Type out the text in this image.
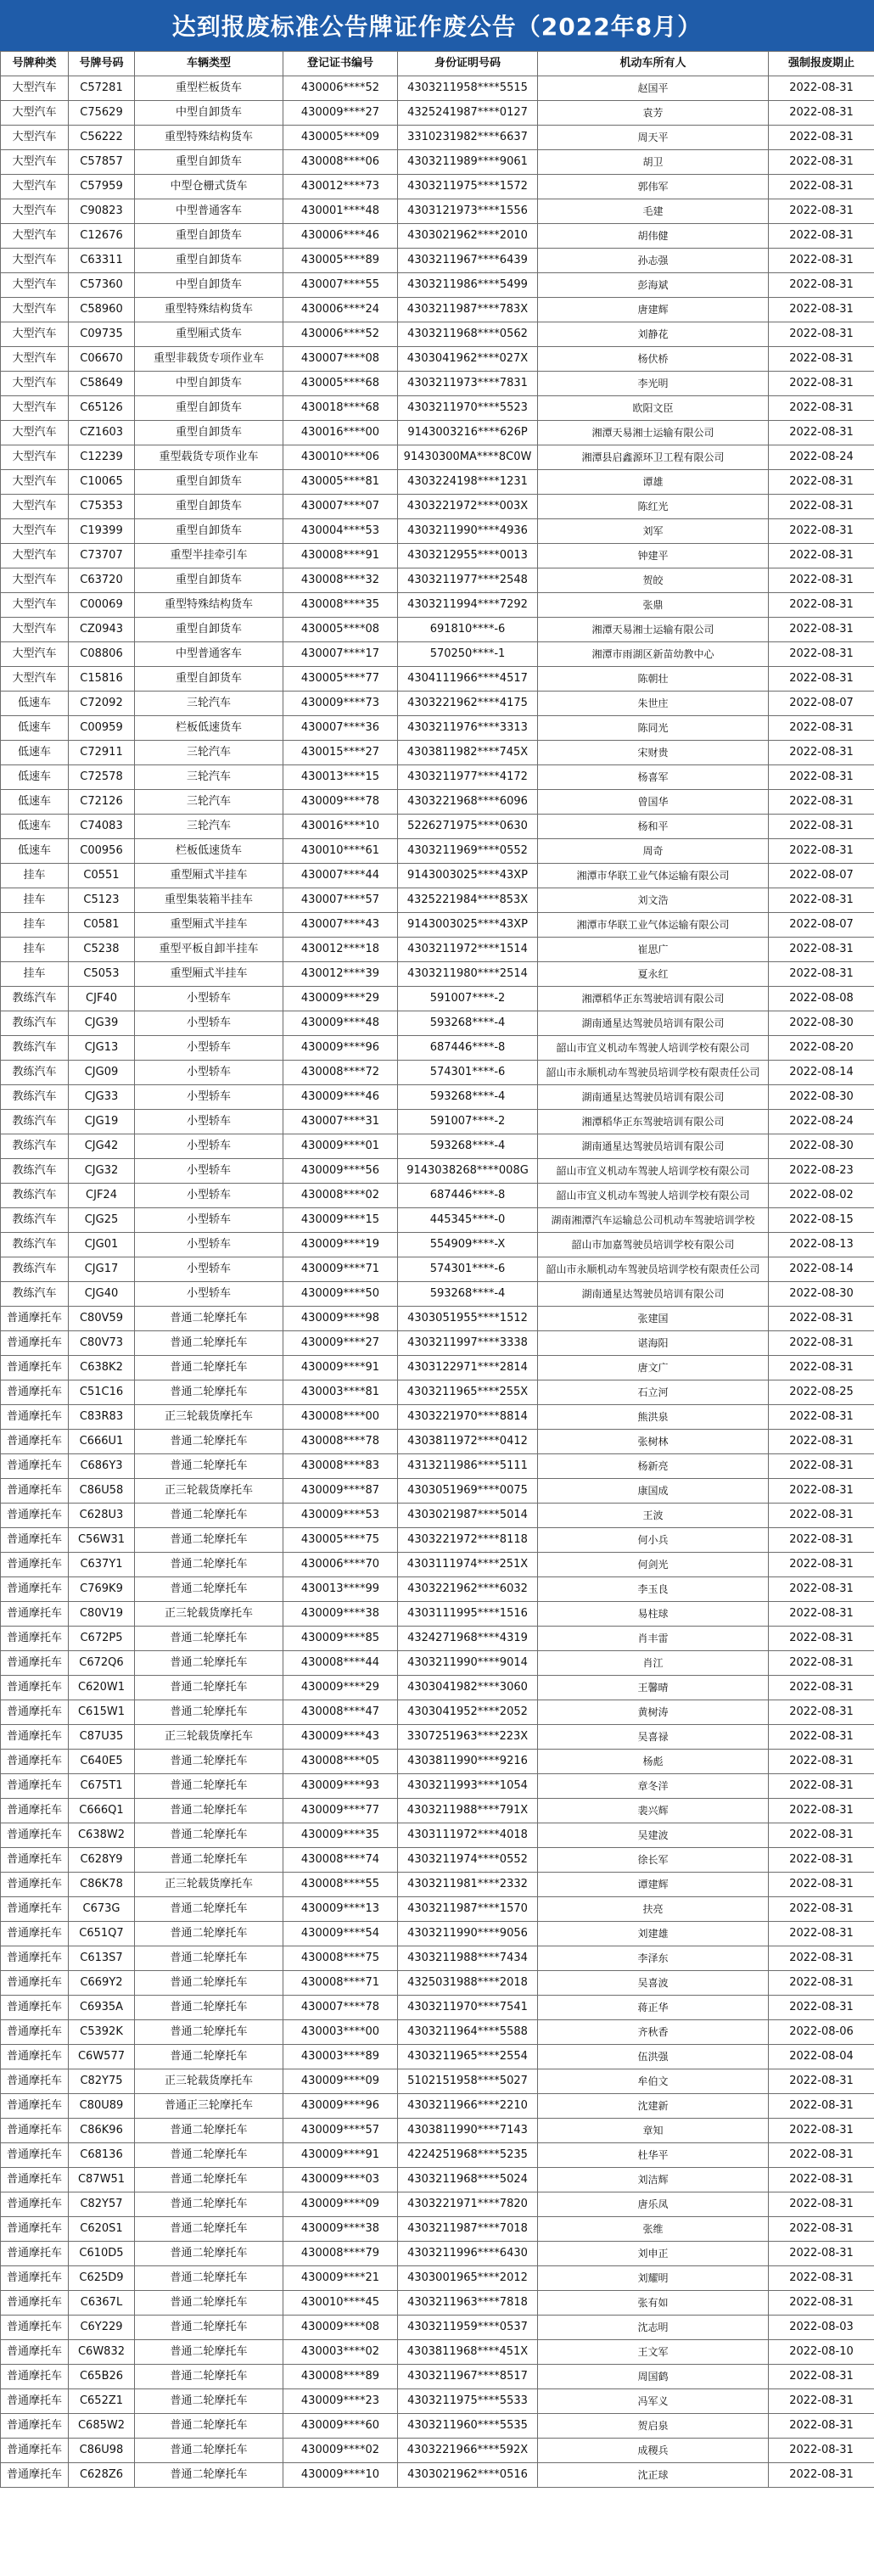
达到报废标准公告牌证作废公告（2022年8月）
号牌种类	号牌号码	车辆类型	登记证书编号	身份证明号码	机动车所有人	强制报废期止
大型汽车	C57281	重型栏板货车	430006****52	4303211958****5515	赵国平	2022-08-31
大型汽车	C75629	中型自卸货车	430009****27	4325241987****0127	袁芳	2022-08-31
大型汽车	C56222	重型特殊结构货车	430005****09	3310231982****6637	周天平	2022-08-31
大型汽车	C57857	重型自卸货车	430008****06	4303211989****9061	胡卫	2022-08-31
大型汽车	C57959	中型仓栅式货车	430012****73	4303211975****1572	郭伟军	2022-08-31
大型汽车	C90823	中型普通客车	430001****48	4303121973****1556	毛建	2022-08-31
大型汽车	C12676	重型自卸货车	430006****46	4303021962****2010	胡伟健	2022-08-31
大型汽车	C63311	重型自卸货车	430005****89	4303211967****6439	孙志强	2022-08-31
大型汽车	C57360	中型自卸货车	430007****55	4303211986****5499	彭海斌	2022-08-31
大型汽车	C58960	重型特殊结构货车	430006****24	4303211987****783X	唐建辉	2022-08-31
大型汽车	C09735	重型厢式货车	430006****52	4303211968****0562	刘静花	2022-08-31
大型汽车	C06670	重型非载货专项作业车	430007****08	4303041962****027X	杨伏桥	2022-08-31
大型汽车	C58649	中型自卸货车	430005****68	4303211973****7831	李光明	2022-08-31
大型汽车	C65126	重型自卸货车	430018****68	4303211970****5523	欧阳文臣	2022-08-31
大型汽车	CZ1603	重型自卸货车	430016****00	9143003216****626P	湘潭天易湘士运输有限公司	2022-08-31
大型汽车	C12239	重型载货专项作业车	430010****06	91430300MA****8C0W	湘潭县启鑫源环卫工程有限公司	2022-08-24
大型汽车	C10065	重型自卸货车	430005****81	4303224198****1231	谭雄	2022-08-31
大型汽车	C75353	重型自卸货车	430007****07	4303221972****003X	陈红光	2022-08-31
大型汽车	C19399	重型自卸货车	430004****53	4303211990****4936	刘军	2022-08-31
大型汽车	C73707	重型半挂牵引车	430008****91	4303212955****0013	钟建平	2022-08-31
大型汽车	C63720	重型自卸货车	430008****32	4303211977****2548	贺皎	2022-08-31
大型汽车	C00069	重型特殊结构货车	430008****35	4303211994****7292	张鼎	2022-08-31
大型汽车	CZ0943	重型自卸货车	430005****08	691810****-6	湘潭天易湘士运输有限公司	2022-08-31
大型汽车	C08806	中型普通客车	430007****17	570250****-1	湘潭市雨湖区新苗幼教中心	2022-08-31
大型汽车	C15816	重型自卸货车	430005****77	4304111966****4517	陈朝壮	2022-08-31
低速车	C72092	三轮汽车	430009****73	4303221962****4175	朱世庄	2022-08-07
低速车	C00959	栏板低速货车	430007****36	4303211976****3313	陈同光	2022-08-31
低速车	C72911	三轮汽车	430015****27	4303811982****745X	宋财贵	2022-08-31
低速车	C72578	三轮汽车	430013****15	4303211977****4172	杨喜军	2022-08-31
低速车	C72126	三轮汽车	430009****78	4303221968****6096	曾国华	2022-08-31
低速车	C74083	三轮汽车	430016****10	5226271975****0630	杨和平	2022-08-31
低速车	C00956	栏板低速货车	430010****61	4303211969****0552	周奇	2022-08-31
挂车	C0551	重型厢式半挂车	430007****44	9143003025****43XP	湘潭市华联工业气体运输有限公司	2022-08-07
挂车	C5123	重型集装箱半挂车	430007****57	4325221984****853X	刘文浩	2022-08-31
挂车	C0581	重型厢式半挂车	430007****43	9143003025****43XP	湘潭市华联工业气体运输有限公司	2022-08-07
挂车	C5238	重型平板自卸半挂车	430012****18	4303211972****1514	崔思广	2022-08-31
挂车	C5053	重型厢式半挂车	430012****39	4303211980****2514	夏永红	2022-08-31
教练汽车	CJF40	小型轿车	430009****29	591007****-2	湘潭稻华正东驾驶培训有限公司	2022-08-08
教练汽车	CJG39	小型轿车	430009****48	593268****-4	湖南通星达驾驶员培训有限公司	2022-08-30
教练汽车	CJG13	小型轿车	430009****96	687446****-8	韶山市宜义机动车驾驶人培训学校有限公司	2022-08-20
教练汽车	CJG09	小型轿车	430008****72	574301****-6	韶山市永顺机动车驾驶员培训学校有限责任公司	2022-08-14
教练汽车	CJG33	小型轿车	430009****46	593268****-4	湖南通星达驾驶员培训有限公司	2022-08-30
教练汽车	CJG19	小型轿车	430007****31	591007****-2	湘潭稻华正东驾驶培训有限公司	2022-08-24
教练汽车	CJG42	小型轿车	430009****01	593268****-4	湖南通星达驾驶员培训有限公司	2022-08-30
教练汽车	CJG32	小型轿车	430009****56	9143038268****008G	韶山市宜义机动车驾驶人培训学校有限公司	2022-08-23
教练汽车	CJF24	小型轿车	430008****02	687446****-8	韶山市宜义机动车驾驶人培训学校有限公司	2022-08-02
教练汽车	CJG25	小型轿车	430009****15	445345****-0	湖南湘潭汽车运输总公司机动车驾驶培训学校	2022-08-15
教练汽车	CJG01	小型轿车	430009****19	554909****-X	韶山市加嘉驾驶员培训学校有限公司	2022-08-13
教练汽车	CJG17	小型轿车	430009****71	574301****-6	韶山市永顺机动车驾驶员培训学校有限责任公司	2022-08-14
教练汽车	CJG40	小型轿车	430009****50	593268****-4	湖南通星达驾驶员培训有限公司	2022-08-30
普通摩托车	C80V59	普通二轮摩托车	430009****98	4303051955****1512	张建国	2022-08-31
普通摩托车	C80V73	普通二轮摩托车	430009****27	4303211997****3338	谌海阳	2022-08-31
普通摩托车	C638K2	普通二轮摩托车	430009****91	4303122971****2814	唐文广	2022-08-31
普通摩托车	C51C16	普通二轮摩托车	430003****81	4303211965****255X	石立河	2022-08-25
普通摩托车	C83R83	正三轮载货摩托车	430008****00	4303221970****8814	熊洪泉	2022-08-31
普通摩托车	C666U1	普通二轮摩托车	430008****78	4303811972****0412	张树林	2022-08-31
普通摩托车	C686Y3	普通二轮摩托车	430008****83	4313211986****5111	杨新亮	2022-08-31
普通摩托车	C86U58	正三轮载货摩托车	430009****87	4303051969****0075	康国成	2022-08-31
普通摩托车	C628U3	普通二轮摩托车	430009****53	4303021987****5014	王波	2022-08-31
普通摩托车	C56W31	普通二轮摩托车	430005****75	4303221972****8118	何小兵	2022-08-31
普通摩托车	C637Y1	普通二轮摩托车	430006****70	4303111974****251X	何剑光	2022-08-31
普通摩托车	C769K9	普通二轮摩托车	430013****99	4303221962****6032	李玉良	2022-08-31
普通摩托车	C80V19	正三轮载货摩托车	430009****38	4303111995****1516	易柱球	2022-08-31
普通摩托车	C672P5	普通二轮摩托车	430009****85	4324271968****4319	肖丰雷	2022-08-31
普通摩托车	C672Q6	普通二轮摩托车	430008****44	4303211990****9014	肖江	2022-08-31
普通摩托车	C620W1	普通二轮摩托车	430009****29	4303041982****3060	王馨晴	2022-08-31
普通摩托车	C615W1	普通二轮摩托车	430008****47	4303041952****2052	黄树涛	2022-08-31
普通摩托车	C87U35	正三轮载货摩托车	430009****43	3307251963****223X	吴喜禄	2022-08-31
普通摩托车	C640E5	普通二轮摩托车	430008****05	4303811990****9216	杨彪	2022-08-31
普通摩托车	C675T1	普通二轮摩托车	430009****93	4303211993****1054	章冬洋	2022-08-31
普通摩托车	C666Q1	普通二轮摩托车	430009****77	4303211988****791X	裴兴辉	2022-08-31
普通摩托车	C638W2	普通二轮摩托车	430009****35	4303111972****4018	吴建波	2022-08-31
普通摩托车	C628Y9	普通二轮摩托车	430008****74	4303211974****0552	徐长军	2022-08-31
普通摩托车	C86K78	正三轮载货摩托车	430008****55	4303211981****2332	谭建辉	2022-08-31
普通摩托车	C673G	普通二轮摩托车	430009****13	4303211987****1570	扶亮	2022-08-31
普通摩托车	C651Q7	普通二轮摩托车	430009****54	4303211990****9056	刘建雄	2022-08-31
普通摩托车	C613S7	普通二轮摩托车	430008****75	4303211988****7434	李泽东	2022-08-31
普通摩托车	C669Y2	普通二轮摩托车	430008****71	4325031988****2018	吴喜波	2022-08-31
普通摩托车	C6935A	普通二轮摩托车	430007****78	4303211970****7541	蒋正华	2022-08-31
普通摩托车	C5392K	普通二轮摩托车	430003****00	4303211964****5588	齐秋香	2022-08-06
普通摩托车	C6W577	普通二轮摩托车	430003****89	4303211965****2554	伍洪强	2022-08-04
普通摩托车	C82Y75	正三轮载货摩托车	430009****09	5102151958****5027	牟伯文	2022-08-31
普通摩托车	C80U89	普通正三轮摩托车	430009****96	4303211966****2210	沈建新	2022-08-31
普通摩托车	C86K96	普通二轮摩托车	430009****57	4303811990****7143	章知	2022-08-31
普通摩托车	C68136	普通二轮摩托车	430009****91	4224251968****5235	杜华平	2022-08-31
普通摩托车	C87W51	普通二轮摩托车	430009****03	4303211968****5024	刘洁辉	2022-08-31
普通摩托车	C82Y57	普通二轮摩托车	430009****09	4303221971****7820	唐乐凤	2022-08-31
普通摩托车	C620S1	普通二轮摩托车	430009****38	4303211987****7018	张维	2022-08-31
普通摩托车	C610D5	普通二轮摩托车	430008****79	4303211996****6430	刘申正	2022-08-31
普通摩托车	C625D9	普通二轮摩托车	430009****21	4303001965****2012	刘耀明	2022-08-31
普通摩托车	C6367L	普通二轮摩托车	430010****45	4303211963****7818	张有如	2022-08-31
普通摩托车	C6Y229	普通二轮摩托车	430009****08	4303211959****0537	沈志明	2022-08-03
普通摩托车	C6W832	普通二轮摩托车	430003****02	4303811968****451X	王文军	2022-08-10
普通摩托车	C65B26	普通二轮摩托车	430008****89	4303211967****8517	周国鹤	2022-08-31
普通摩托车	C652Z1	普通二轮摩托车	430009****23	4303211975****5533	冯军义	2022-08-31
普通摩托车	C685W2	普通二轮摩托车	430009****60	4303211960****5535	贺启泉	2022-08-31
普通摩托车	C86U98	普通二轮摩托车	430009****02	4303221966****592X	成稷兵	2022-08-31
普通摩托车	C628Z6	普通二轮摩托车	430009****10	4303021962****0516	沈正球	2022-08-31
